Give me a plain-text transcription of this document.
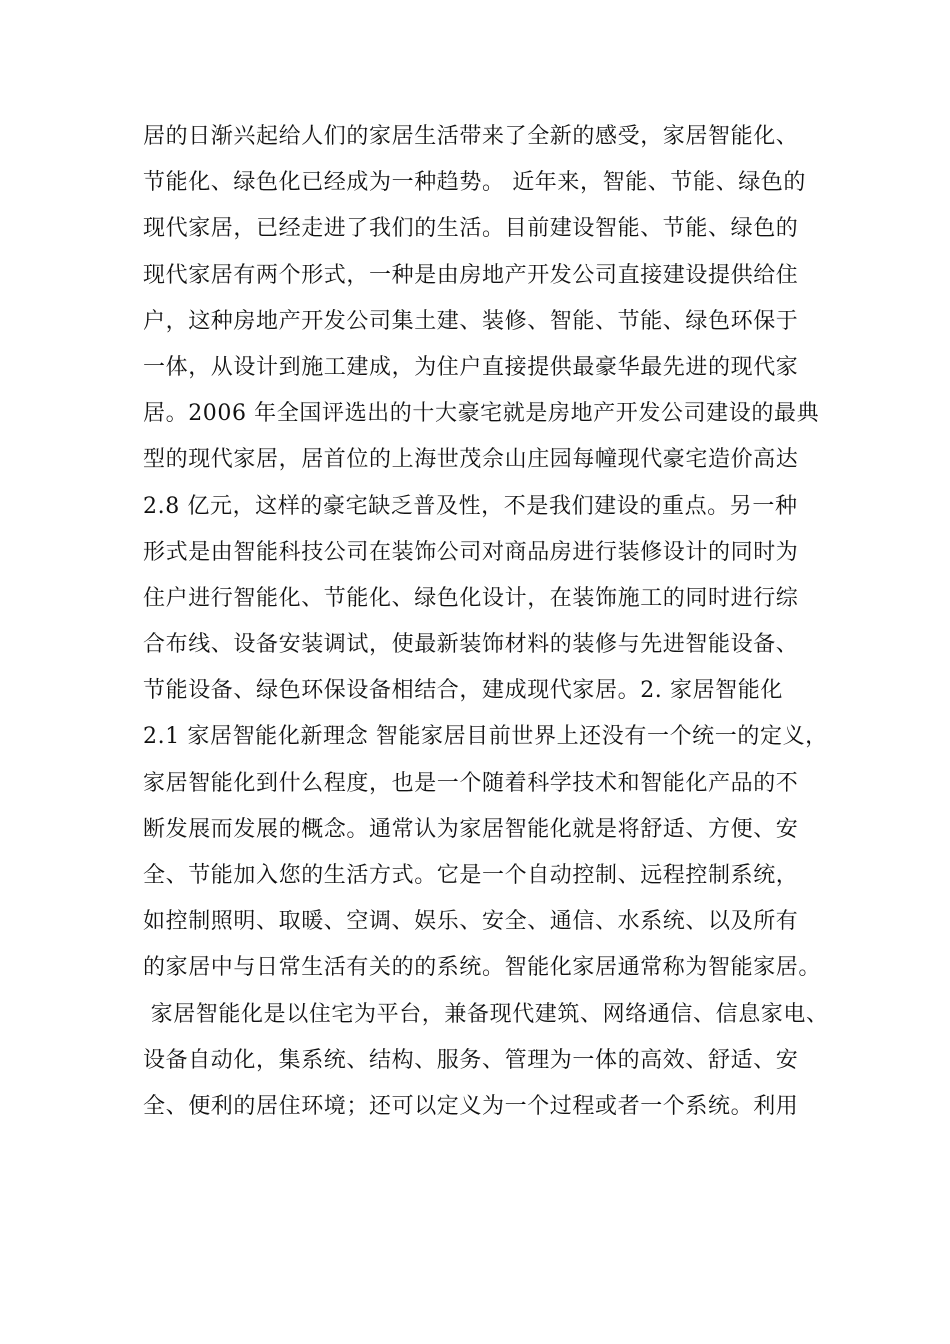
居的日渐兴起给人们的家居生活带来了全新的感受，家居智能化、
节能化、绿色化已经成为一种趋势。 近年来，智能、节能、绿色的
现代家居，已经走进了我们的生活。目前建设智能、节能、绿色的
现代家居有两个形式，一种是由房地产开发公司直接建设提供给住
户，这种房地产开发公司集土建、装修、智能、节能、绿色环保于
一体，从设计到施工建成，为住户直接提供最豪华最先进的现代家
居。2006 年全国评选出的十大豪宅就是房地产开发公司建设的最典
型的现代家居，居首位的上海世茂佘山庄园每幢现代豪宅造价高达
2.8 亿元，这样的豪宅缺乏普及性，不是我们建设的重点。另一种
形式是由智能科技公司在装饰公司对商品房进行装修设计的同时为
住户进行智能化、节能化、绿色化设计，在装饰施工的同时进行综
合布线、设备安装调试，使最新装饰材料的装修与先进智能设备、
节能设备、绿色环保设备相结合，建成现代家居。2. 家居智能化
2.1 家居智能化新理念 智能家居目前世界上还没有一个统一的定义，
家居智能化到什么程度，也是一个随着科学技术和智能化产品的不
断发展而发展的概念。通常认为家居智能化就是将舒适、方便、安
全、节能加入您的生活方式。它是一个自动控制、远程控制系统，
如控制照明、取暖、空调、娱乐、安全、通信、水系统、以及所有
的家居中与日常生活有关的的系统。智能化家居通常称为智能家居。
家居智能化是以住宅为平台，兼备现代建筑、网络通信、信息家电、
设备自动化，集系统、结构、服务、管理为一体的高效、舒适、安
全、便利的居住环境；还可以定义为一个过程或者一个系统。利用
